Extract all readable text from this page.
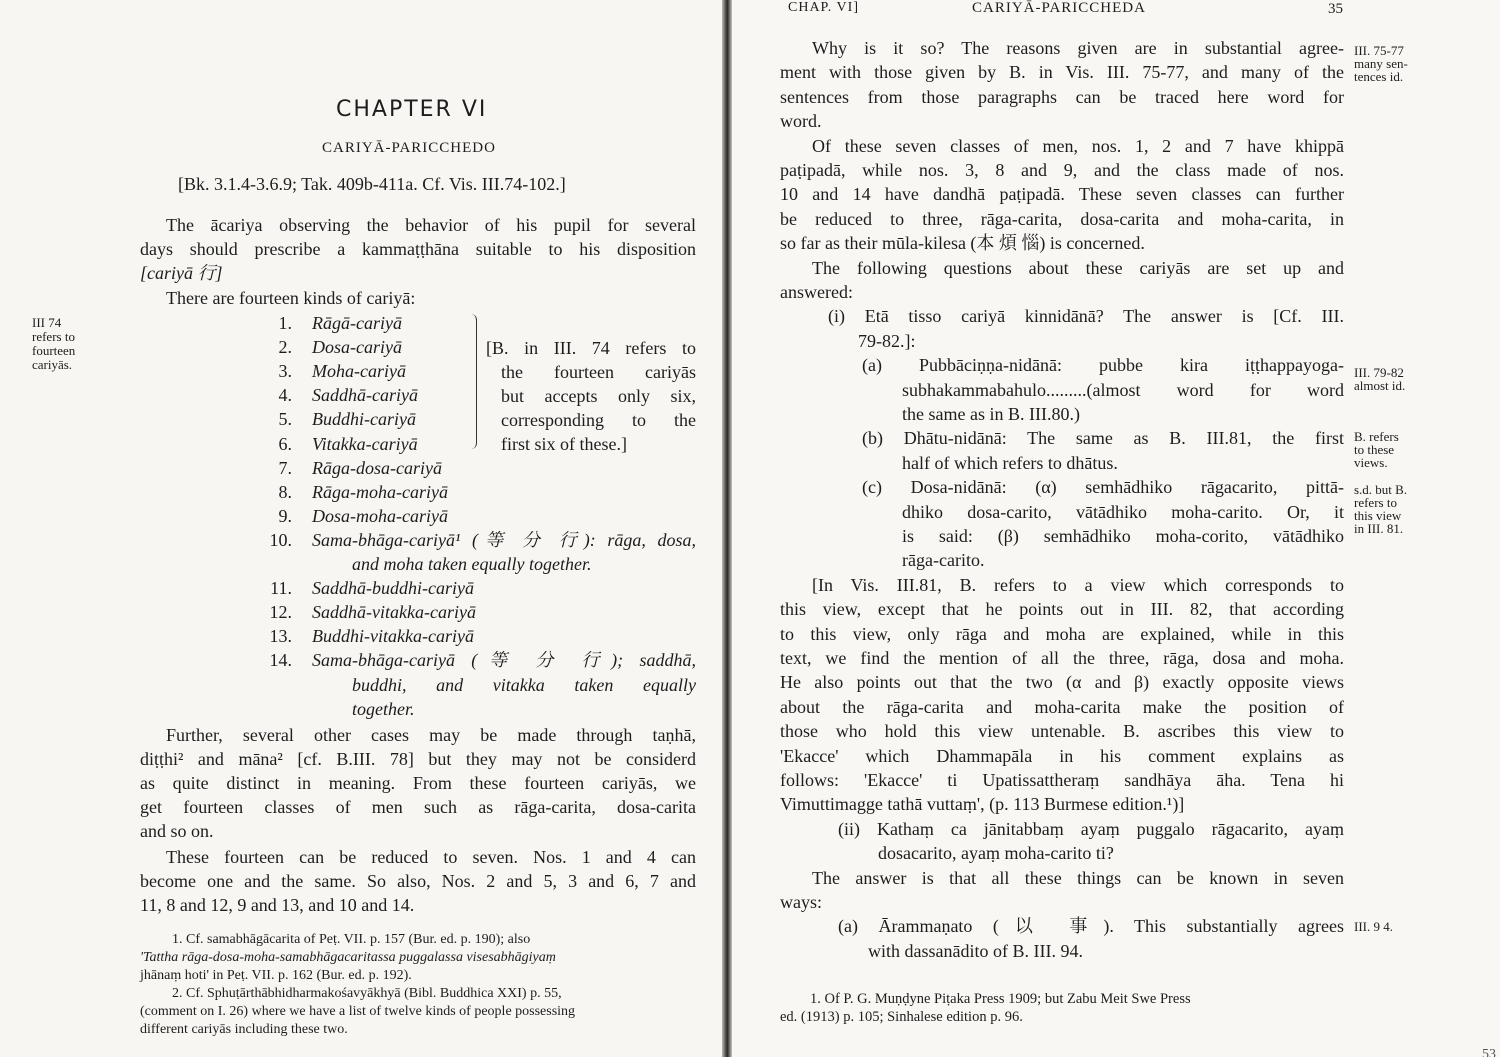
CHAPTER VI
CARIYĀ-PARICCHEDO
[Bk. 3.1.4-3.6.9; Tak. 409b-411a. Cf. Vis. III.74-102.]
The ācariya observing the behavior of his pupil for several
days should prescribe a kammaṭṭhāna suitable to his disposition
[cariyā 行]
There are fourteen kinds of cariyā:
III 74
refers to
fourteen
cariyās.
[B. in III. 74 refers to
the fourteen cariyās
but accepts only six,
corresponding to the
first six of these.]
Further, several other cases may be made through taṇhā,
diṭṭhi² and māna² [cf. B.III. 78] but they may not be considerd
as quite distinct in meaning. From these fourteen cariyās, we
get fourteen classes of men such as rāga-carita, dosa-carita
and so on.
These fourteen can be reduced to seven. Nos. 1 and 4 can
become one and the same. So also, Nos. 2 and 5, 3 and 6, 7 and
11, 8 and 12, 9 and 13, and 10 and 14.
1. Cf. samabhāgācarita of Peṭ. VII. p. 157 (Bur. ed. p. 190); also
'Tattha rāga-dosa-moha-samabhāgacaritassa puggalassa visesabhāgiyaṃ
jhānaṃ hoti' in Peṭ. VII. p. 162 (Bur. ed. p. 192).
2. Cf. Sphuṭārthābhidharmakośavyākhyā (Bibl. Buddhica XXI) p. 55,
(comment on I. 26) where we have a list of twelve kinds of people possessing
different cariyās including these two.
1. Rāgā-cariyā
2. Dosa-cariyā
3. Moha-cariyā
4. Saddhā-cariyā
5. Buddhi-cariyā
6. Vitakka-cariyā
7. Rāga-dosa-cariyā
8. Rāga-moha-cariyā
9. Dosa-moha-cariyā
10. Sama-bhāga-cariyā¹ (等 分 行): rāga, dosa,
and moha taken equally together.
11. Saddhā-buddhi-cariyā
12. Saddhā-vitakka-cariyā
13. Buddhi-vitakka-cariyā
14. Sama-bhāga-cariyā (等 分 行); saddhā,
buddhi, and vitakka taken equally
together.
CHAP. VI]	CARIYĀ-PARICCHEDA	35
1. Of P. G. Muṇḍyne Piṭaka Press 1909; but Zabu Meit Swe Press
ed. (1913) p. 105; Sinhalese edition p. 96.
53
Why is it so? The reasons given are in substantial agree-
ment with those given by B. in Vis. III. 75-77, and many of the
sentences from those paragraphs can be traced here word for
word.
Of these seven classes of men, nos. 1, 2 and 7 have khippā
paṭipadā, while nos. 3, 8 and 9, and the class made of nos.
10 and 14 have dandhā paṭipadā. These seven classes can further
be reduced to three, rāga-carita, dosa-carita and moha-carita, in
so far as their mūla-kilesa (本 煩 惱) is concerned.
The following questions about these cariyās are set up and
answered:
(i) Etā tisso cariyā kinnidānā? The answer is [Cf. III.
79-82.]:
(a) Pubbāciṇṇa-nidānā: pubbe kira iṭṭhappayoga-
subhakammabahulo.........(almost word for word
the same as in B. III.80.)
(b) Dhātu-nidānā: The same as B. III.81, the first
half of which refers to dhātus.
(c) Dosa-nidānā: (α) semhādhiko rāgacarito, pittā-
dhiko dosa-carito, vātādhiko moha-carito. Or, it
is said: (β) semhādhiko moha-corito, vātādhiko
rāga-carito.
[In Vis. III.81, B. refers to a view which corresponds to
this view, except that he points out in III. 82, that according
to this view, only rāga and moha are explained, while in this
text, we find the mention of all the three, rāga, dosa and moha.
He also points out that the two (α and β) exactly opposite views
about the rāga-carita and moha-carita make the position of
those who hold this view untenable. B. ascribes this view to
'Ekacce' which Dhammapāla in his comment explains as
follows: 'Ekacce' ti Upatissattheraṃ sandhāya āha. Tena hi
Vimuttimagge tathā vuttaṃ', (p. 113 Burmese edition.¹)]
(ii) Kathaṃ ca jānitabbaṃ ayaṃ puggalo rāgacarito, ayaṃ
dosacarito, ayaṃ moha-carito ti?
The answer is that all these things can be known in seven
ways:
(a) Ārammaṇato (以 事). This substantially agrees
with dassanādito of B. III. 94.
III. 75-77
many sen-
tences id.
III. 79-82
almost id.
B. refers
to these
views.
s.d. but B.
refers to
this view
in III. 81.
III. 9 4.
